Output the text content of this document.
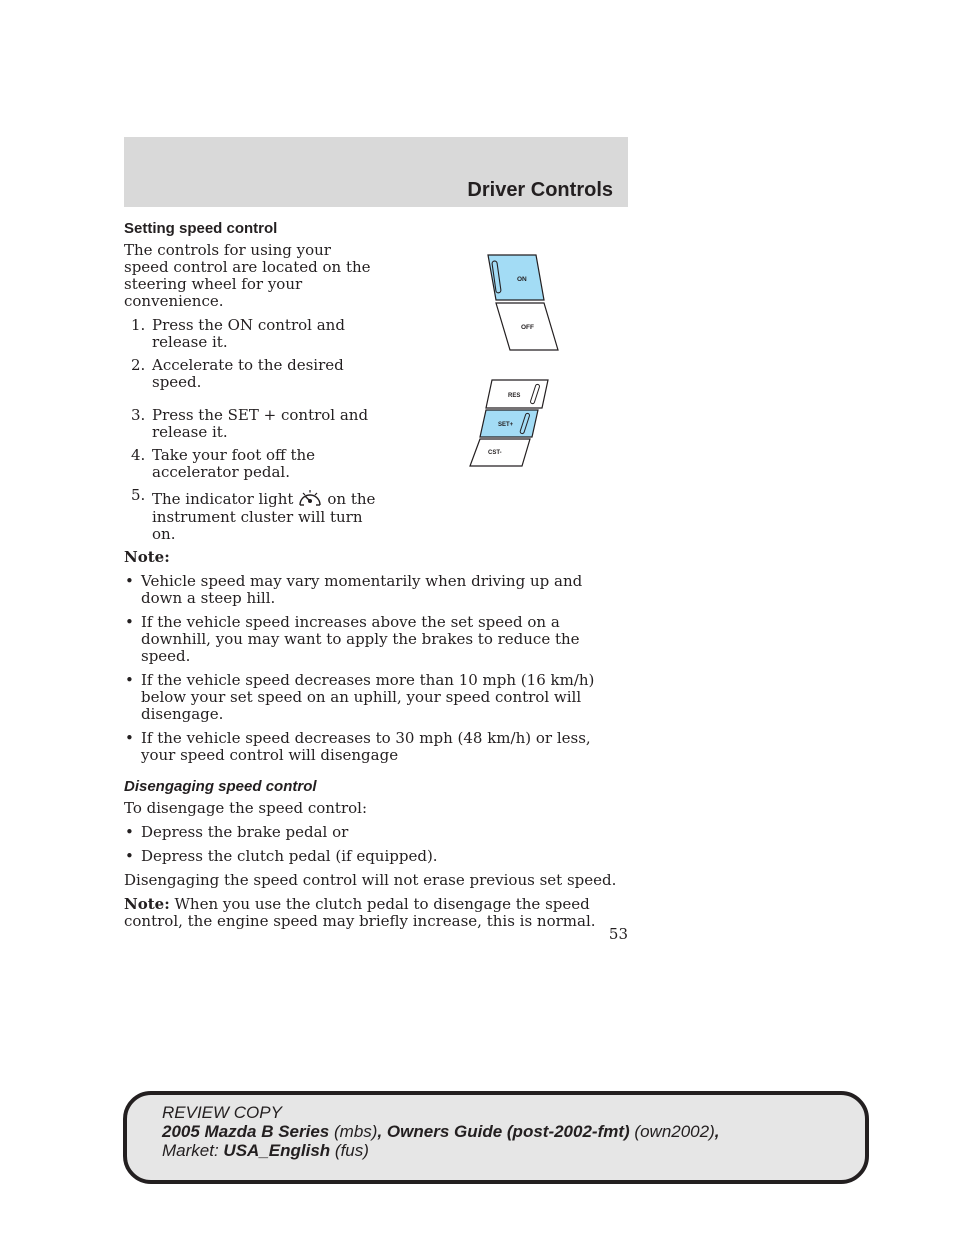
Driver Controls
Setting speed control

The controls for using your speed control are located on the steering wheel for your convenience.

1. Press the ON control and release it.
2. Accelerate to the desired speed.
3. Press the SET + control and release it.
4. Take your foot off the accelerator pedal.
5. The indicator light on the instrument cluster will turn on.

Note:

• Vehicle speed may vary momentarily when driving up and down a steep hill.
• If the vehicle speed increases above the set speed on a downhill, you may want to apply the brakes to reduce the speed.
• If the vehicle speed decreases more than 10 mph (16 km/h) below your set speed on an uphill, your speed control will disengage.
• If the vehicle speed decreases to 30 mph (48 km/h) or less, your speed control will disengage
Disengaging speed control

To disengage the speed control:

• Depress the brake pedal or
• Depress the clutch pedal (if equipped).

Disengaging the speed control will not erase previous set speed.

Note: When you use the clutch pedal to disengage the speed control, the engine speed may briefly increase, this is normal.

ON
OFF
RES
SET+
CST-
53
REVIEW COPY
2005 Mazda B Series (mbs), Owners Guide (post-2002-fmt) (own2002),
Market: USA_English (fus)
